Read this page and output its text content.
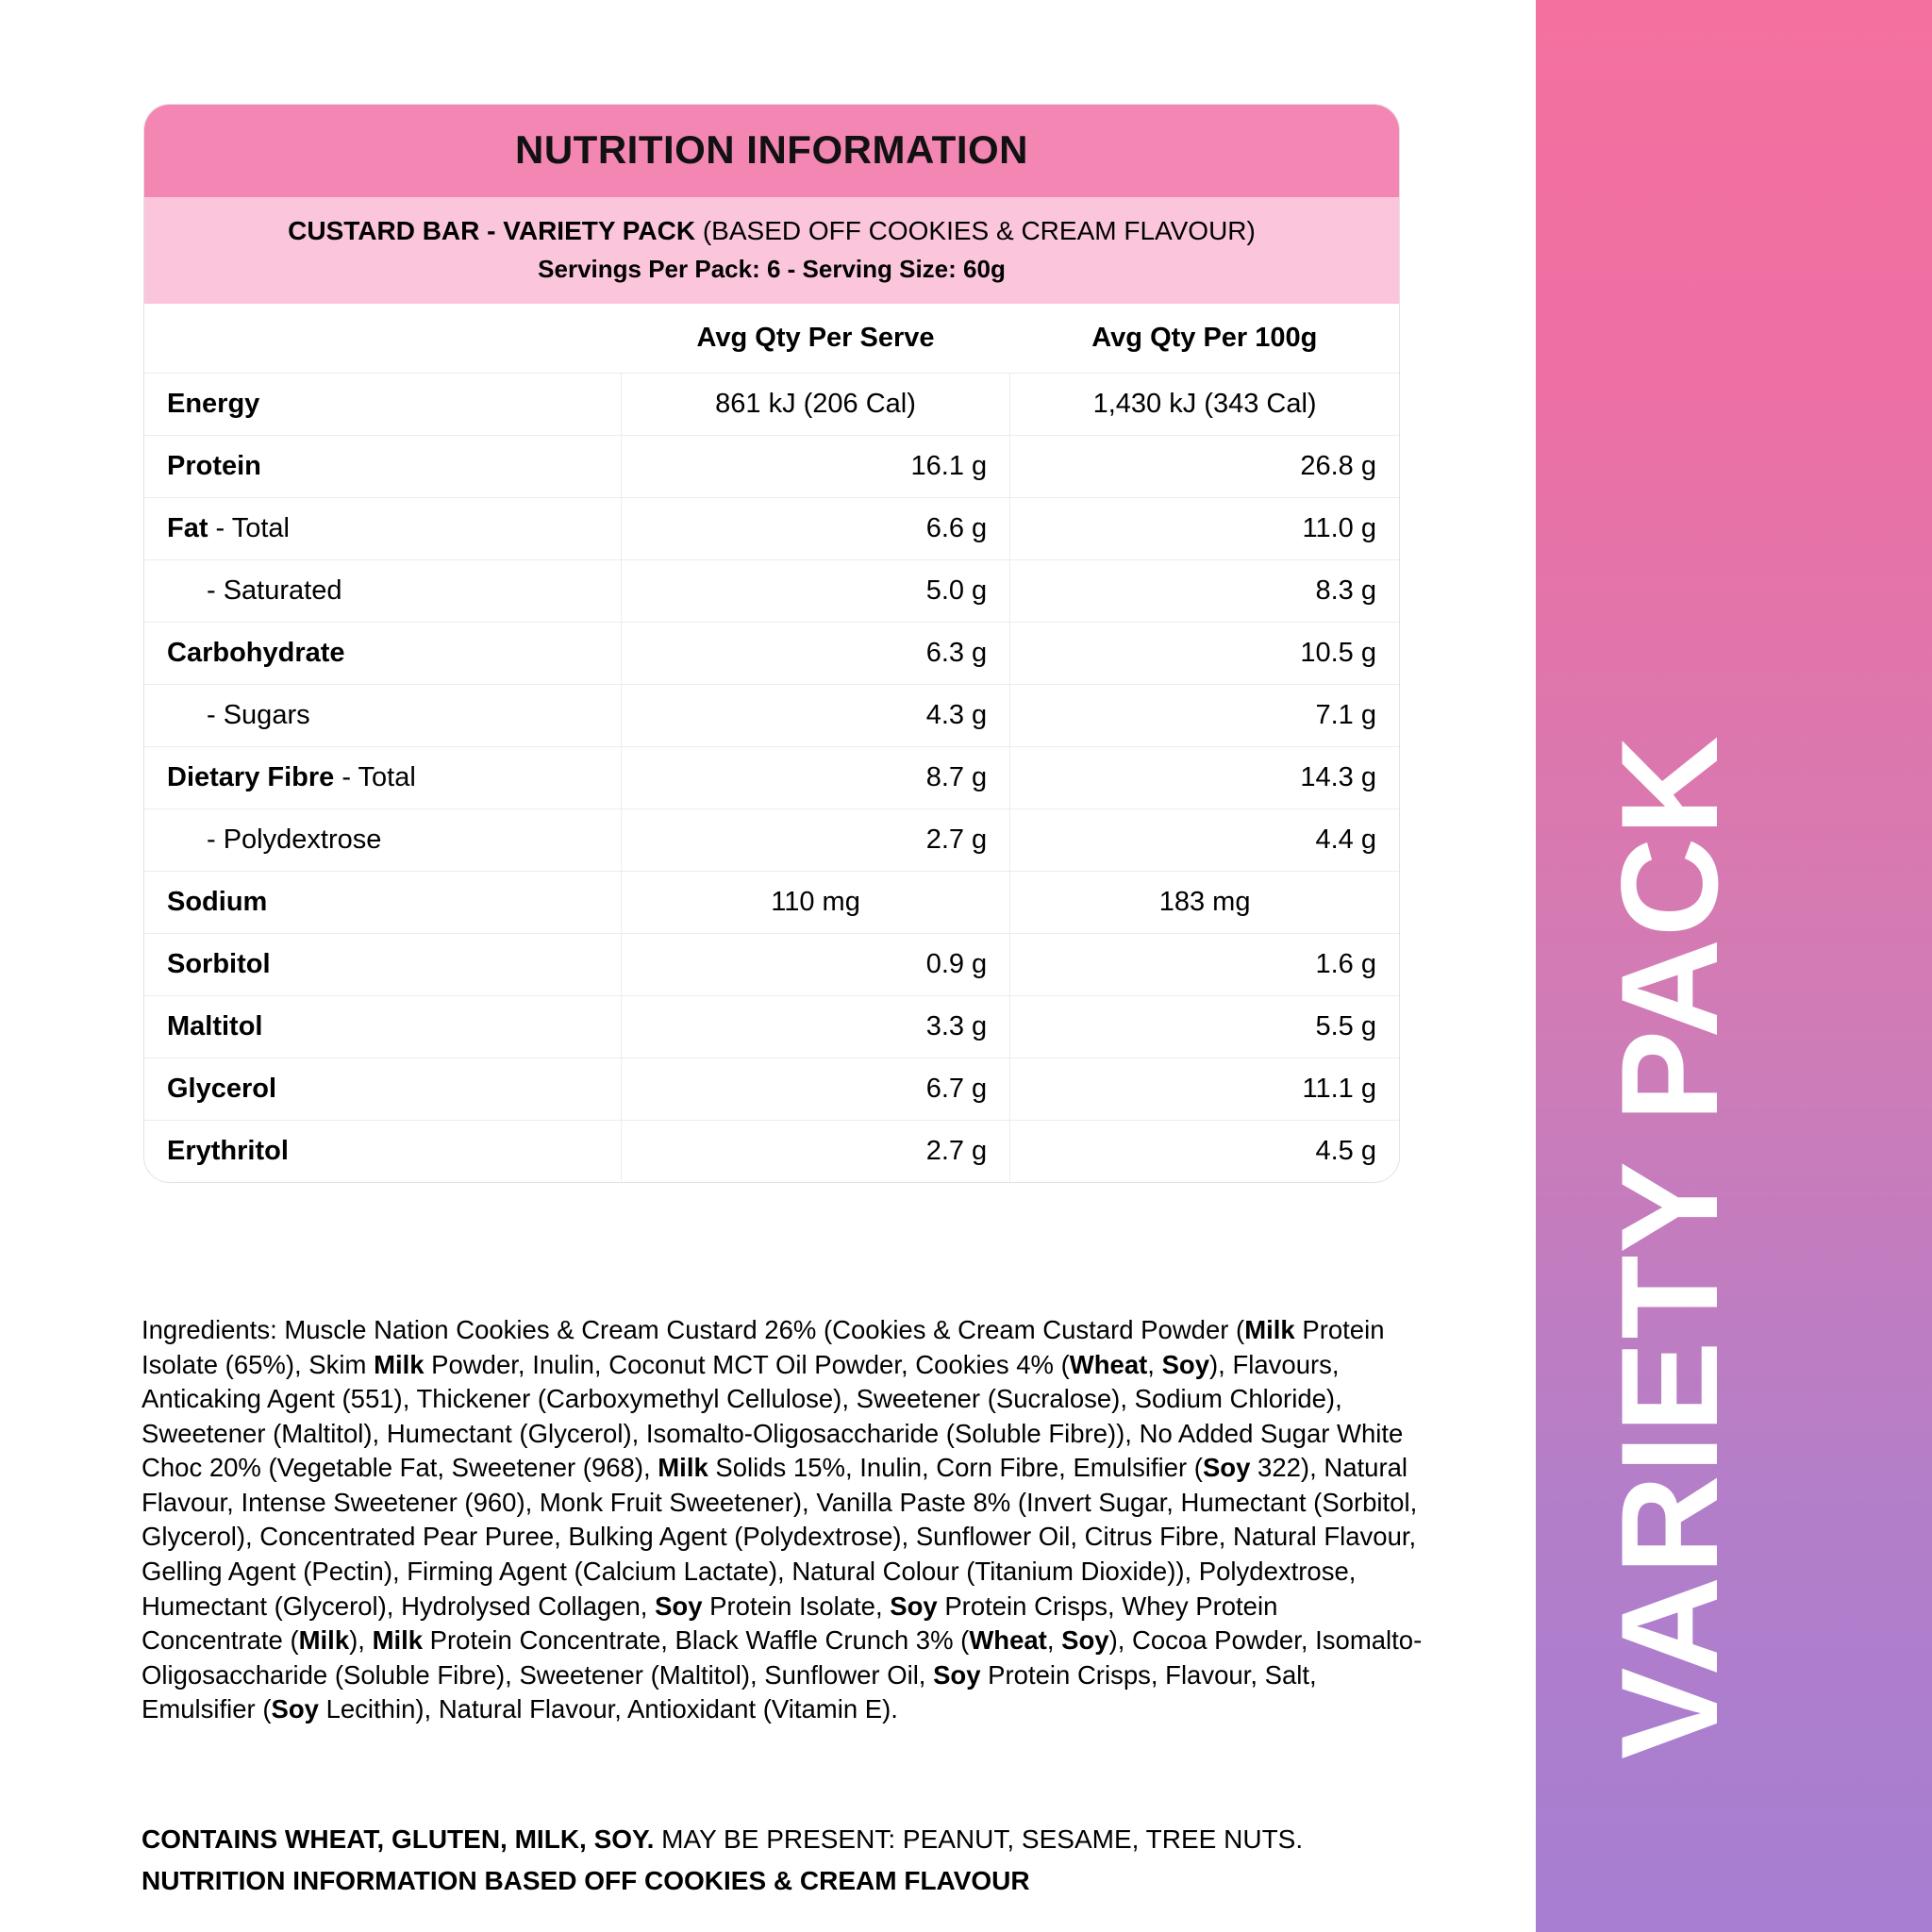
NUTRITION INFORMATION
CUSTARD BAR - VARIETY PACK (BASED OFF COOKIES & CREAM FLAVOUR)
Servings Per Pack: 6 - Serving Size: 60g
	Avg Qty Per Serve	Avg Qty Per 100g
Energy	861 kJ (206 Cal)	1,430 kJ (343 Cal)
Protein	16.1 g	26.8 g
Fat - Total	6.6 g	11.0 g
- Saturated	5.0 g	8.3 g
Carbohydrate	6.3 g	10.5 g
- Sugars	4.3 g	7.1 g
Dietary Fibre - Total	8.7 g	14.3 g
- Polydextrose	2.7 g	4.4 g
Sodium	110 mg	183 mg
Sorbitol	0.9 g	1.6 g
Maltitol	3.3 g	5.5 g
Glycerol	6.7 g	11.1 g
Erythritol	2.7 g	4.5 g
Ingredients: Muscle Nation Cookies & Cream Custard 26% (Cookies & Cream Custard Powder (Milk Protein Isolate (65%), Skim Milk Powder, Inulin, Coconut MCT Oil Powder, Cookies 4% (Wheat, Soy), Flavours, Anticaking Agent (551), Thickener (Carboxymethyl Cellulose), Sweetener (Sucralose), Sodium Chloride), Sweetener (Maltitol), Humectant (Glycerol), Isomalto-Oligosaccharide (Soluble Fibre)), No Added Sugar White Choc 20% (Vegetable Fat, Sweetener (968), Milk Solids 15%, Inulin, Corn Fibre, Emulsifier (Soy 322), Natural Flavour, Intense Sweetener (960), Monk Fruit Sweetener), Vanilla Paste 8% (Invert Sugar, Humectant (Sorbitol, Glycerol), Concentrated Pear Puree, Bulking Agent (Polydextrose), Sunflower Oil, Citrus Fibre, Natural Flavour, Gelling Agent (Pectin), Firming Agent (Calcium Lactate), Natural Colour (Titanium Dioxide)), Polydextrose, Humectant (Glycerol), Hydrolysed Collagen, Soy Protein Isolate, Soy Protein Crisps, Whey Protein Concentrate (Milk), Milk Protein Concentrate, Black Waffle Crunch 3% (Wheat, Soy), Cocoa Powder, Isomalto-Oligosaccharide (Soluble Fibre), Sweetener (Maltitol), Sunflower Oil, Soy Protein Crisps, Flavour, Salt, Emulsifier (Soy Lecithin), Natural Flavour, Antioxidant (Vitamin E).
CONTAINS WHEAT, GLUTEN, MILK, SOY. MAY BE PRESENT: PEANUT, SESAME, TREE NUTS.
NUTRITION INFORMATION BASED OFF COOKIES & CREAM FLAVOUR
VARIETY PACK
